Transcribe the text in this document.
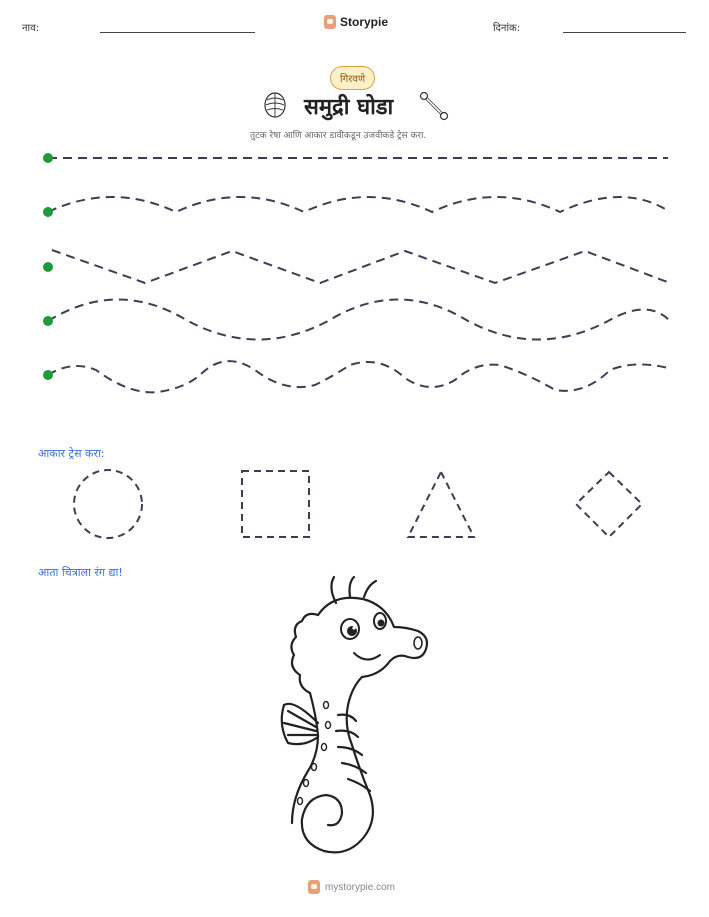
नाव:	Storypie	दिनांक:
गिरवणे
समुद्री घोडा
तुटक रेषा आणि आकार डावीकडून उजवीकडे ट्रेस करा.
आकार ट्रेस करा:
आता चित्राला रंग द्या!
mystorypie.com
